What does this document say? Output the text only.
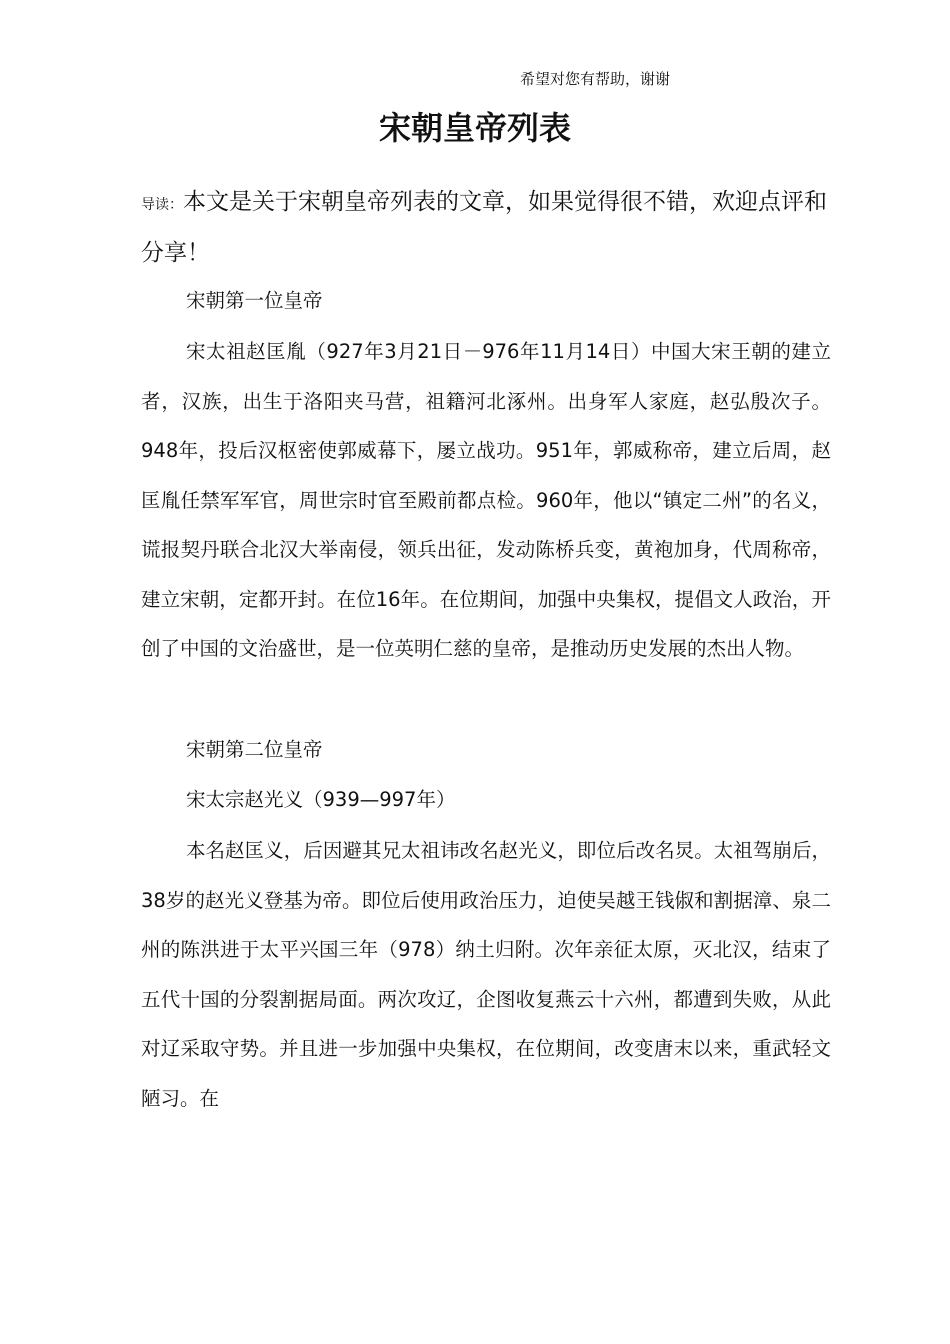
希望对您有帮助，谢谢
宋朝皇帝列表
导读：本文是关于宋朝皇帝列表的文章，如果觉得很不错，欢迎点评和分享！
宋朝第一位皇帝
宋太祖赵匡胤（927年3月21日－976年11月14日）中国大宋王朝的建立者，汉族，出生于洛阳夹马营，祖籍河北涿州。出身军人家庭，赵弘殷次子。948年，投后汉枢密使郭威幕下，屡立战功。951年，郭威称帝，建立后周，赵匡胤任禁军军官，周世宗时官至殿前都点检。960年，他以“镇定二州”的名义，谎报契丹联合北汉大举南侵，领兵出征，发动陈桥兵变，黄袍加身，代周称帝，建立宋朝，定都开封。在位16年。在位期间，加强中央集权，提倡文人政治，开创了中国的文治盛世，是一位英明仁慈的皇帝，是推动历史发展的杰出人物。
宋朝第二位皇帝
宋太宗赵光义（939—997年）
本名赵匡义，后因避其兄太祖讳改名赵光义，即位后改名炅。太祖驾崩后，38岁的赵光义登基为帝。即位后使用政治压力，迫使吴越王钱俶和割据漳、泉二州的陈洪进于太平兴国三年（978）纳土归附。次年亲征太原，灭北汉，结束了五代十国的分裂割据局面。两次攻辽，企图收复燕云十六州，都遭到失败，从此对辽采取守势。并且进一步加强中央集权，在位期间，改变唐末以来，重武轻文陋习。在
